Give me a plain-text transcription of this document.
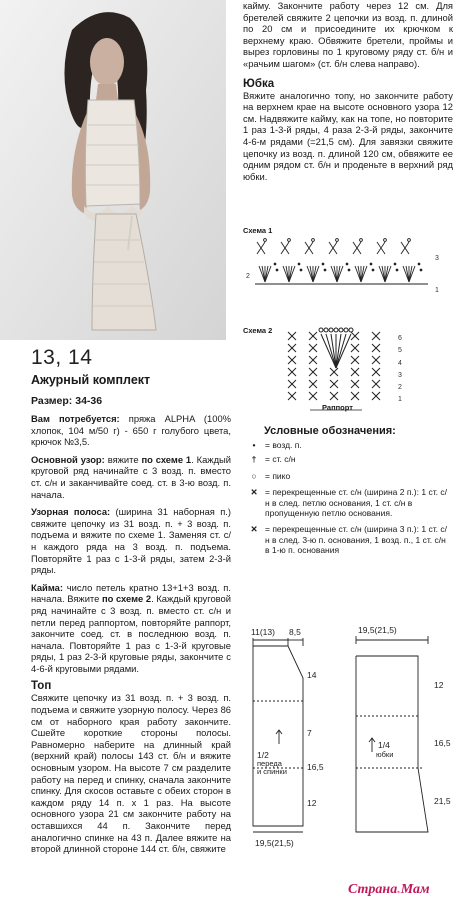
13, 14
Ажурный комплект
Размер: 34-36

Вам потребуется: пряжа ALPHA (100% хлопок, 104 м/50 г) - 650 г голубого цвета, крючок №3,5.

Основной узор: вяжите по схеме 1. Каждый круговой ряд начинайте с 3 возд. п. вместо ст. с/н и заканчивайте соед. ст. в 3-ю возд. п. начала.

Узорная полоса: (ширина 31 наборная п.) свяжите цепочку из 31 возд. п. + 3 возд. п. подъема и вяжите по схеме 1. Заменяя ст. с/н каждого ряда на 3 возд. п. подъема. Повторяйте 1 раз с 1-3-й ряды, затем 2-3-й ряды.

Кайма: число петель кратно 13+1+3 возд. п. начала. Вяжите по схеме 2. Каждый круговой ряд начинайте с 3 возд. п. вместо ст. с/н и петли перед раппортом, повторяйте раппорт, закончите соед. ст. в последнюю возд. п. начала. Повторяйте 1 раз с 1-3-й круговые ряды, 1 раз 2-3-й круговые ряды, закончите с 4-6-й круговыми рядами.

Топ

Свяжите цепочку из 31 возд. п. + 3 возд. п. подъема и свяжите узорную полосу. Через 86 см от наборного края работу закончите. Сшейте короткие стороны полосы. Равномерно наберите на длинный край (верхний край) полосы 143 ст. б/н и вяжите основным узором. На высоте 7 см разделите работу на перед и спинку, сначала закончите спинку. Для скосов оставьте с обеих сторон в каждом ряду 14 п. х 1 раз. На высоте основного узора 21 см закончите работу на оставшихся 44 п. Закончите перед аналогично спинке на 43 п. Далее вяжите на второй длинной стороне 144 ст. б/н, свяжите

кайму. Закончите работу через 12 см. Для бретелей свяжите 2 цепочки из возд. п. длиной по 20 см и присоедините их крючком к верхнему краю. Обвяжите бретели, проймы и вырез горловины по 1 круговому ряду ст. б/н и «рачьим шагом» (ст. б/н слева направо).

Юбка

Вяжите аналогично топу, но закончите работу на верхнем крае на высоте основного узора 12 см. Надвяжите кайму, как на топе, но повторите 1 раз 1-3-й ряды, 4 раза 2-3-й ряды, закончите 4-6-м рядами (=21,5 см). Для завязки свяжите цепочку из возд. п. длиной 120 см, обвяжите ее одним рядом ст. б/н и проденьте в верхний ряд юбки.

Схема 1
2
3
1
Схема 2
6
5
4
3
2
1
Раппорт
Условные обозначения:
•	= возд. п.
†	= ст. с/н
○ = пико
✕ = перекрещенные ст. с/н (ширина 2 п.): 1 ст. с/н в след. петлю основания, 1 ст. с/н в пропущенную петлю основания.
✕ = перекрещенные ст. с/н (ширина 3 п.): 1 ст. с/н в след. 3-ю п. основания, 1 возд. п., 1 ст. с/н в 1-ю п. основания
11(13) 8,5
14
7
16,5
12
19,5(21,5)
1/2
переда
и спинки
19,5(21,5)
12
16,5
21,5
1/4
юбки
Страна.Мам
